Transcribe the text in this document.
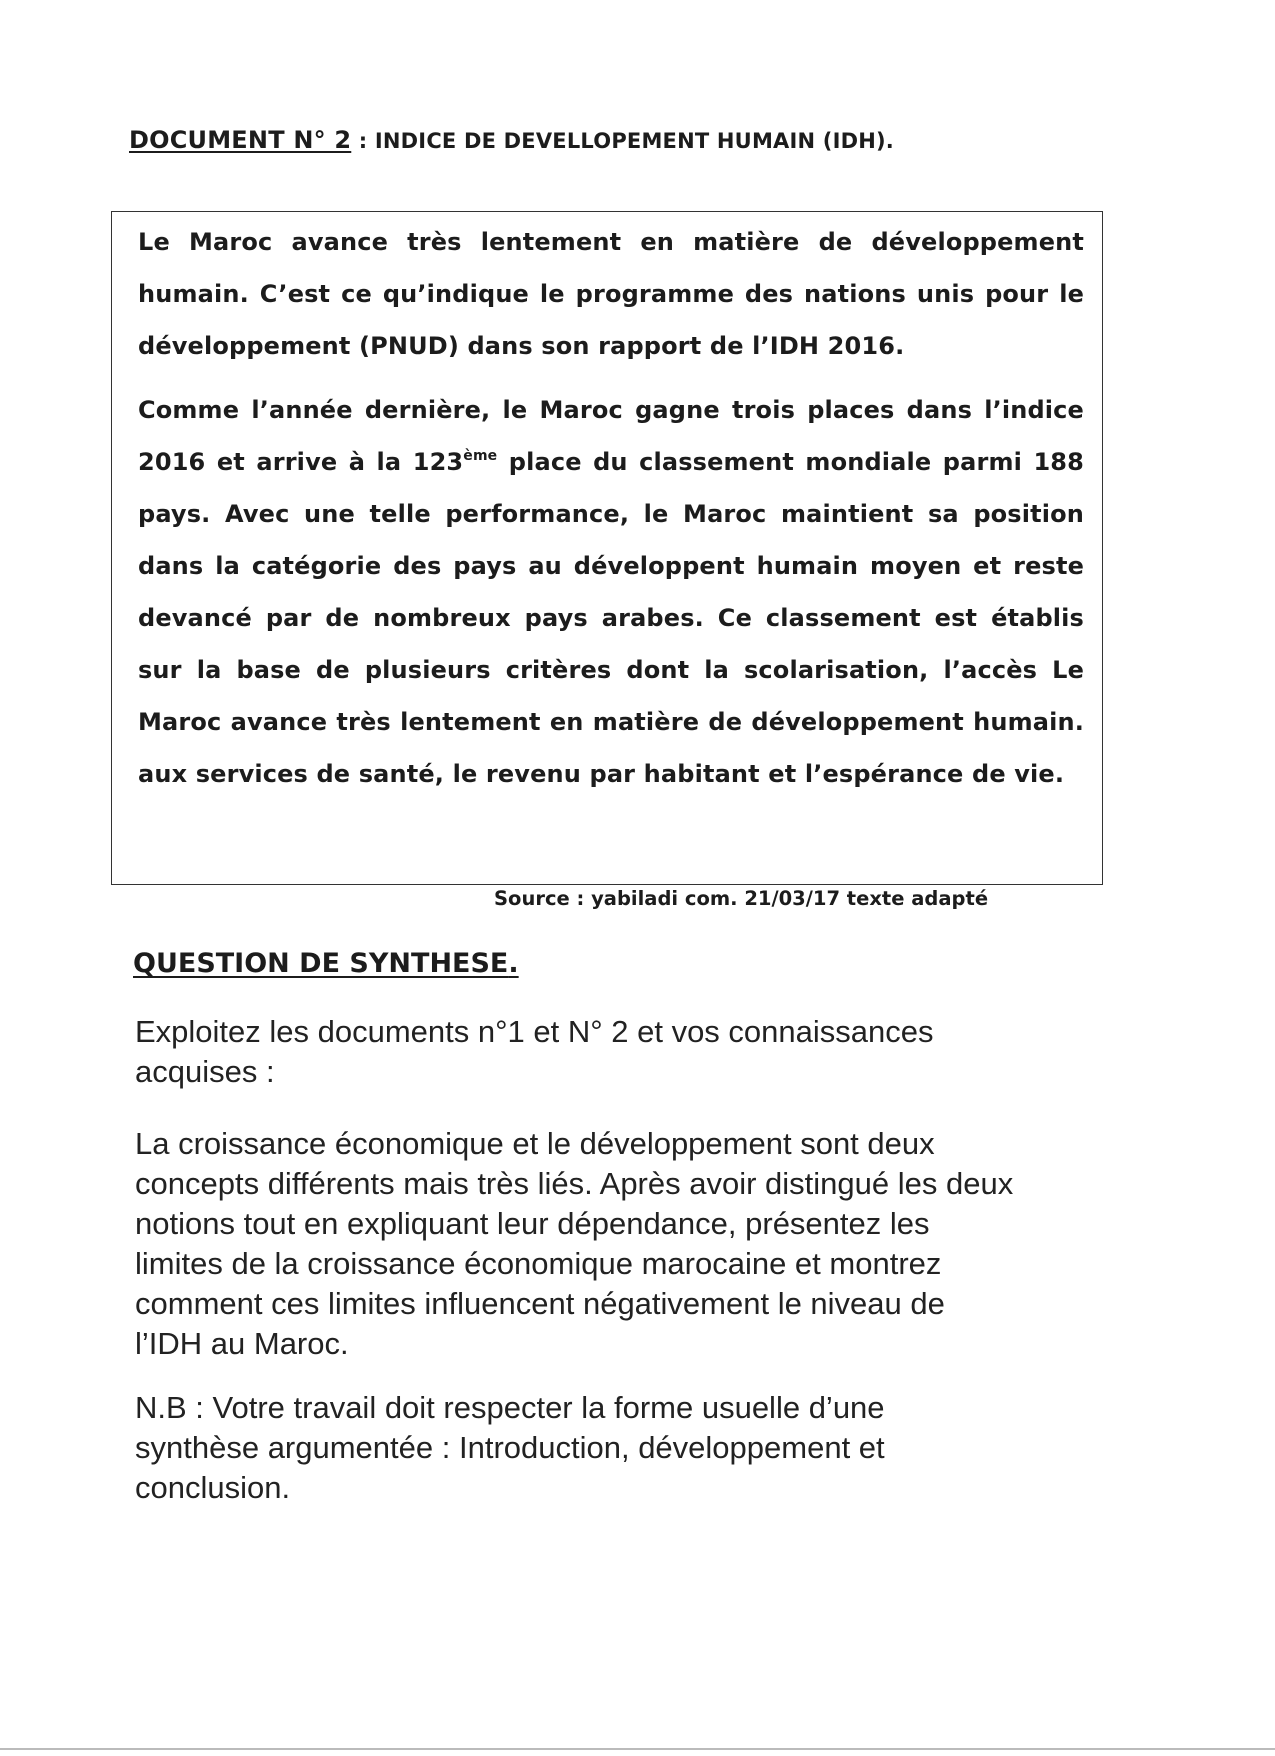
DOCUMENT N° 2 : INDICE DE DEVELLOPEMENT HUMAIN (IDH).

Le Maroc avance très lentement en matière de développement humain. C’est ce qu’indique le programme des nations unis pour le développement (PNUD) dans son rapport de l’IDH 2016.

Comme l’année dernière, le Maroc gagne trois places dans l’indice 2016 et arrive à la 123ème place du classement mondiale parmi 188 pays. Avec une telle performance, le Maroc maintient sa position dans la catégorie des pays au développent humain moyen et reste devancé par de nombreux pays arabes. Ce classement est établis sur la base de plusieurs critères dont la scolarisation, l’accès Le Maroc avance très lentement en matière de développement humain. aux services de santé, le revenu par habitant et l’espérance de vie.

Source : yabiladi com. 21/03/17 texte adapté
QUESTION DE SYNTHESE.

Exploitez les documents n°1 et N° 2 et vos connaissances acquises :

La croissance économique et le développement sont deux concepts différents mais très liés. Après avoir distingué les deux notions tout en expliquant leur dépendance, présentez les limites de la croissance économique marocaine et montrez comment ces limites influencent négativement le niveau de l’IDH au Maroc.

N.B : Votre travail doit respecter la forme usuelle d’une synthèse argumentée : Introduction, développement et conclusion.
